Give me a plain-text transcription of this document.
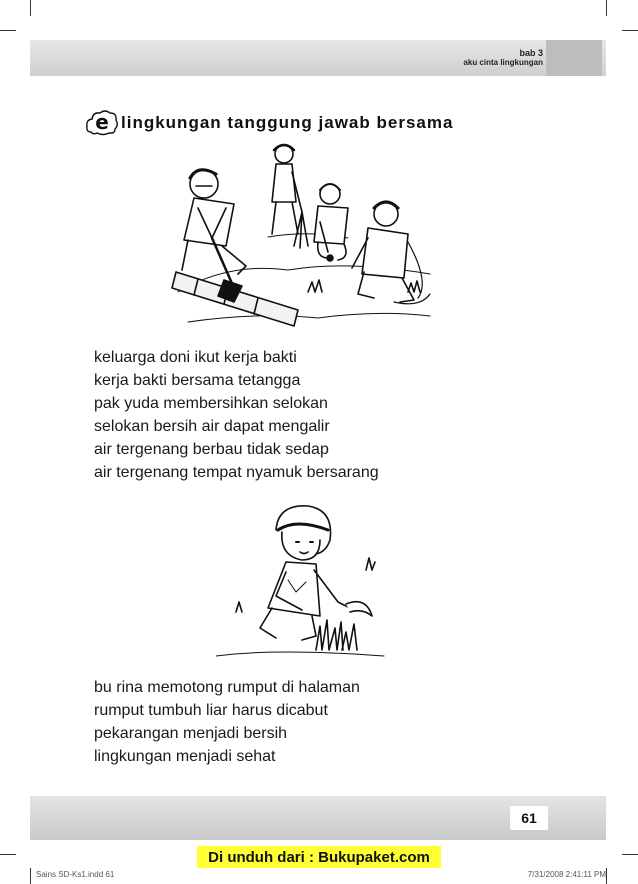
bab 3
aku cinta lingkungan
e lingkungan tanggung jawab bersama

keluarga doni ikut kerja bakti

kerja bakti bersama tetangga

pak yuda membersihkan selokan

selokan bersih air dapat mengalir

air tergenang berbau tidak sedap

air tergenang tempat nyamuk bersarang

bu rina memotong rumput di halaman

rumput tumbuh liar harus dicabut

pekarangan menjadi bersih

lingkungan menjadi sehat

61
Di unduh dari : Bukupaket.com
Sains SD-Ks1.indd 61	7/31/2008 2:41:11 PM
